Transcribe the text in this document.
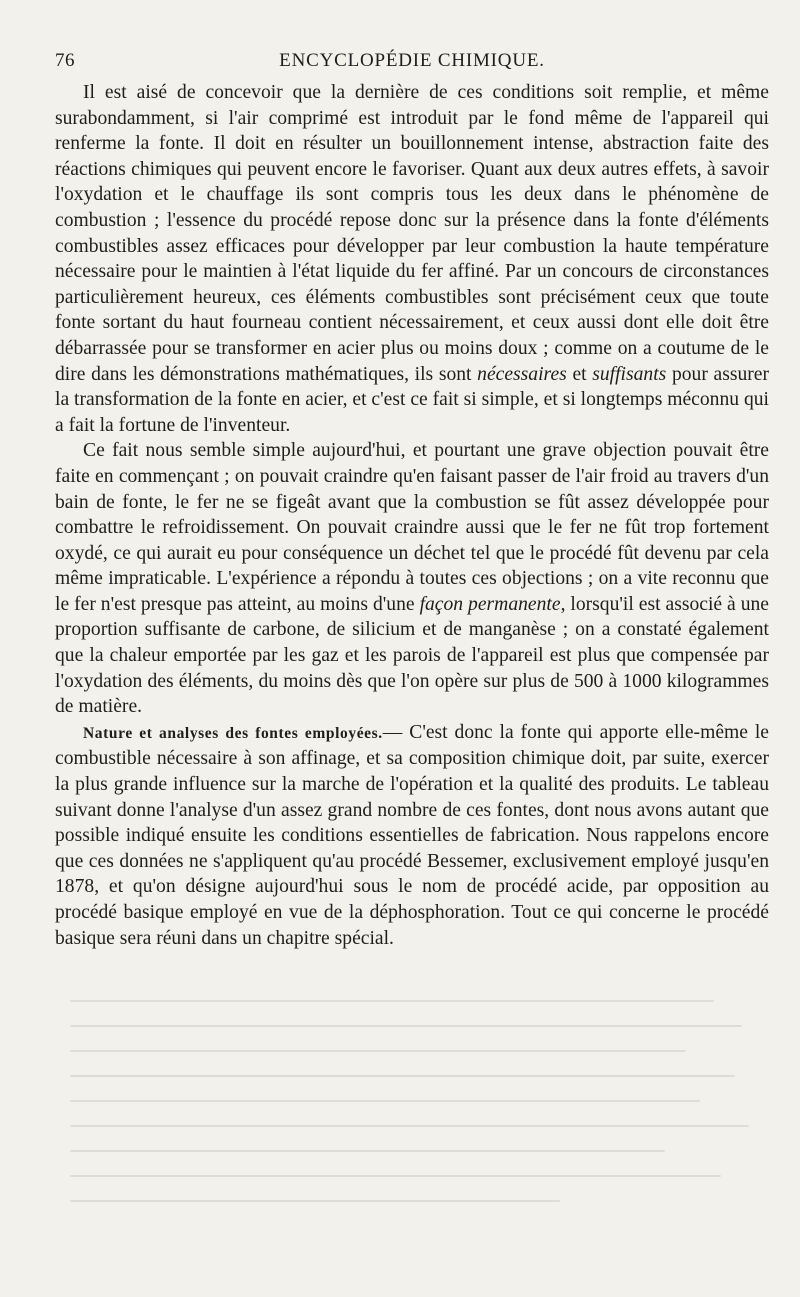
76	ENCYCLOPÉDIE CHIMIQUE.

Il est aisé de concevoir que la dernière de ces conditions soit remplie, et même surabondamment, si l'air comprimé est introduit par le fond même de l'appareil qui renferme la fonte. Il doit en résulter un bouillonnement intense, abstraction faite des réactions chimiques qui peuvent encore le favoriser. Quant aux deux autres effets, à savoir l'oxydation et le chauffage ils sont compris tous les deux dans le phénomène de combustion ; l'essence du procédé repose donc sur la présence dans la fonte d'éléments combustibles assez efficaces pour développer par leur combustion la haute température nécessaire pour le maintien à l'état liquide du fer affiné. Par un concours de circonstances particulièrement heureux, ces éléments combustibles sont précisément ceux que toute fonte sortant du haut fourneau contient nécessairement, et ceux aussi dont elle doit être débarrassée pour se transformer en acier plus ou moins doux ; comme on a coutume de le dire dans les démonstrations mathématiques, ils sont nécessaires et suffisants pour assurer la transformation de la fonte en acier, et c'est ce fait si simple, et si longtemps méconnu qui a fait la fortune de l'inventeur.

Ce fait nous semble simple aujourd'hui, et pourtant une grave objection pouvait être faite en commençant ; on pouvait craindre qu'en faisant passer de l'air froid au travers d'un bain de fonte, le fer ne se figeât avant que la combustion se fût assez développée pour combattre le refroidissement. On pouvait craindre aussi que le fer ne fût trop fortement oxydé, ce qui aurait eu pour conséquence un déchet tel que le procédé fût devenu par cela même impraticable. L'expérience a répondu à toutes ces objections ; on a vite reconnu que le fer n'est presque pas atteint, au moins d'une façon permanente, lorsqu'il est associé à une proportion suffisante de carbone, de silicium et de manganèse ; on a constaté également que la chaleur emportée par les gaz et les parois de l'appareil est plus que compensée par l'oxydation des éléments, du moins dès que l'on opère sur plus de 500 à 1000 kilogrammes de matière.

Nature et analyses des fontes employées.— C'est donc la fonte qui apporte elle-même le combustible nécessaire à son affinage, et sa composition chimique doit, par suite, exercer la plus grande influence sur la marche de l'opération et la qualité des produits. Le tableau suivant donne l'analyse d'un assez grand nombre de ces fontes, dont nous avons autant que possible indiqué ensuite les conditions essentielles de fabrication. Nous rappelons encore que ces données ne s'appliquent qu'au procédé Bessemer, exclusivement employé jusqu'en 1878, et qu'on désigne aujourd'hui sous le nom de procédé acide, par opposition au procédé basique employé en vue de la déphosphoration. Tout ce qui concerne le procédé basique sera réuni dans un chapitre spécial.
